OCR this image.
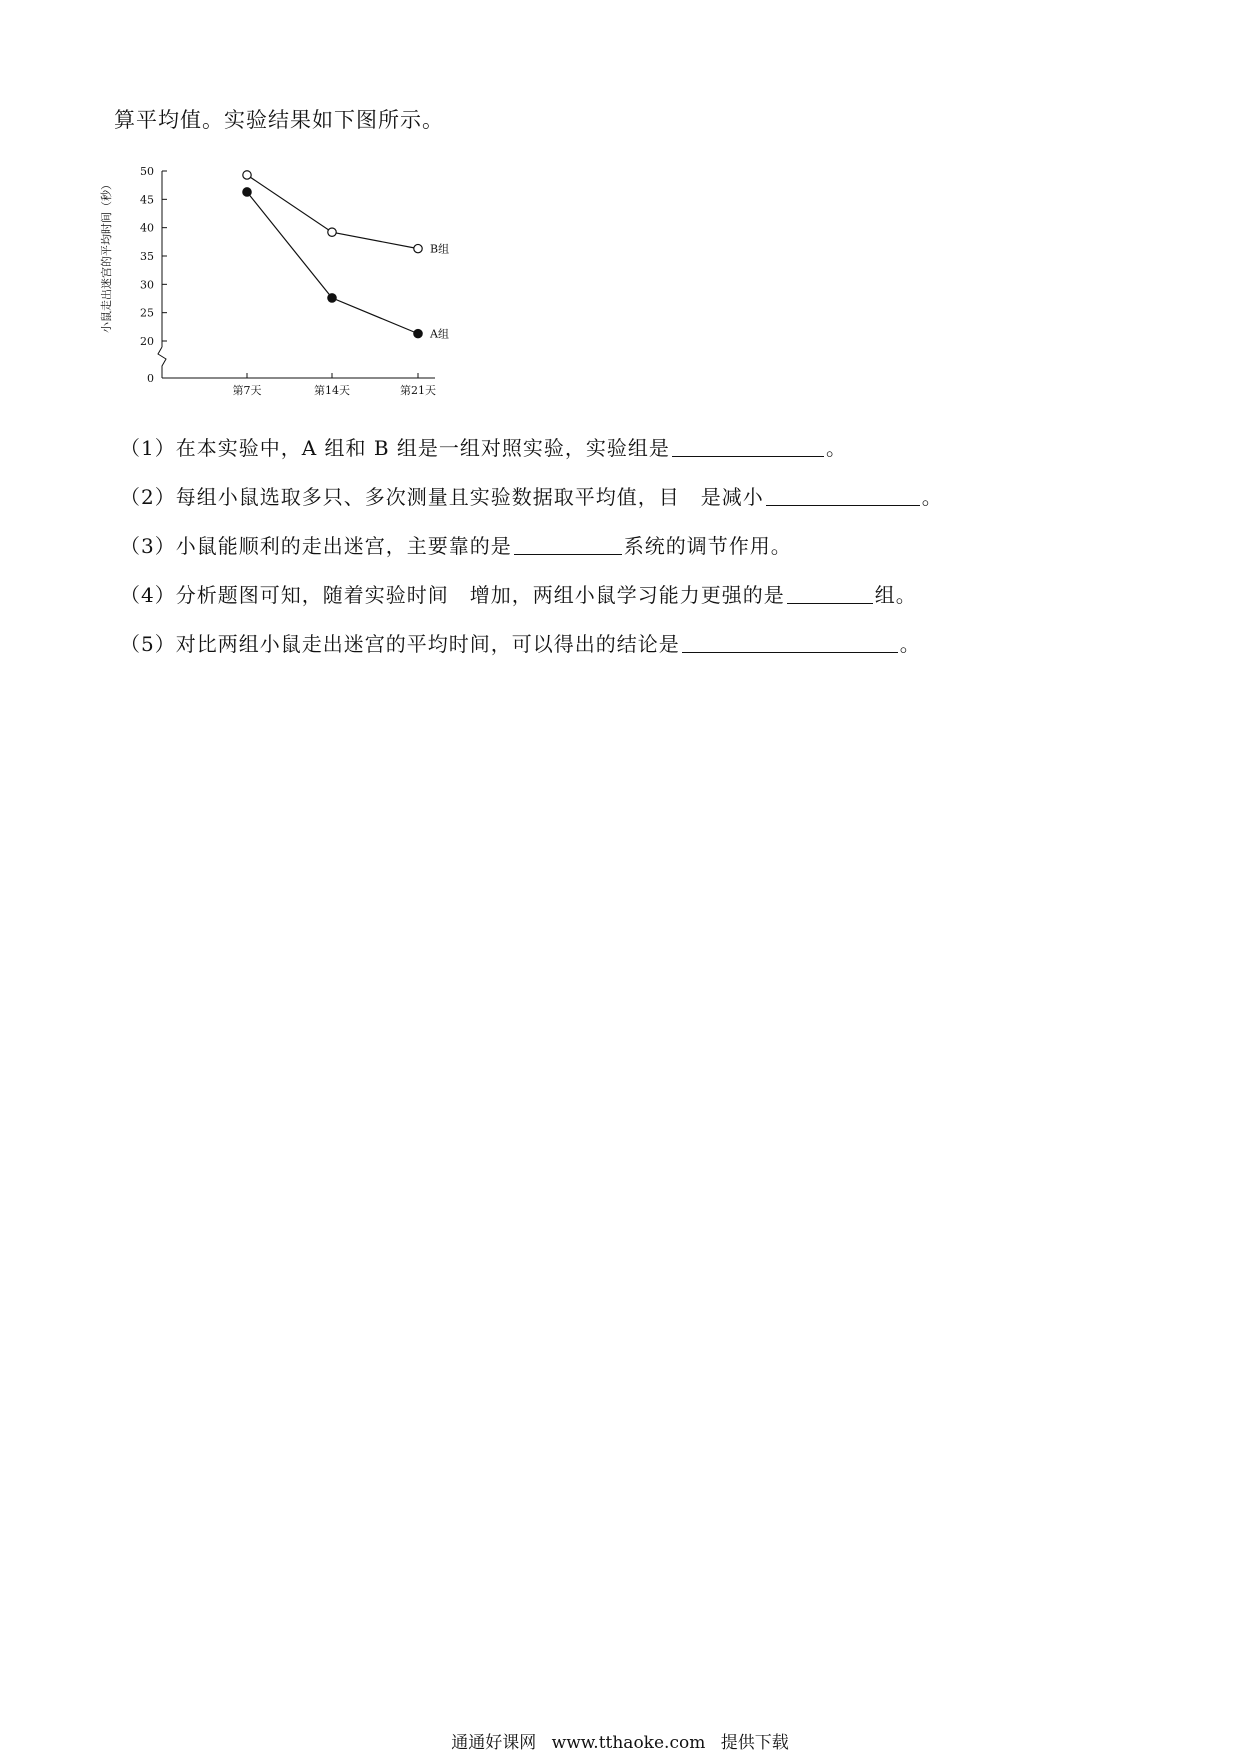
算平均值。实验结果如下图所示。
0
20
25
30
35
40
45
50
小鼠走出迷宫的平均时间（秒）
第7天	第14天	第21天
B组
A组
（1）在本实验中，A 组和 B 组是一组对照实验，实验组是	。
（2）每组小鼠选取多只、多次测量且实验数据取平均值，目　是减小	。
（3）小鼠能顺利的走出迷宫，主要靠的是	系统的调节作用。
（4）分析题图可知，随着实验时间　增加，两组小鼠学习能力更强的是	组。
（5）对比两组小鼠走出迷宫的平均时间，可以得出的结论是	。
通通好课网 www.tthaoke.com 提供下载
